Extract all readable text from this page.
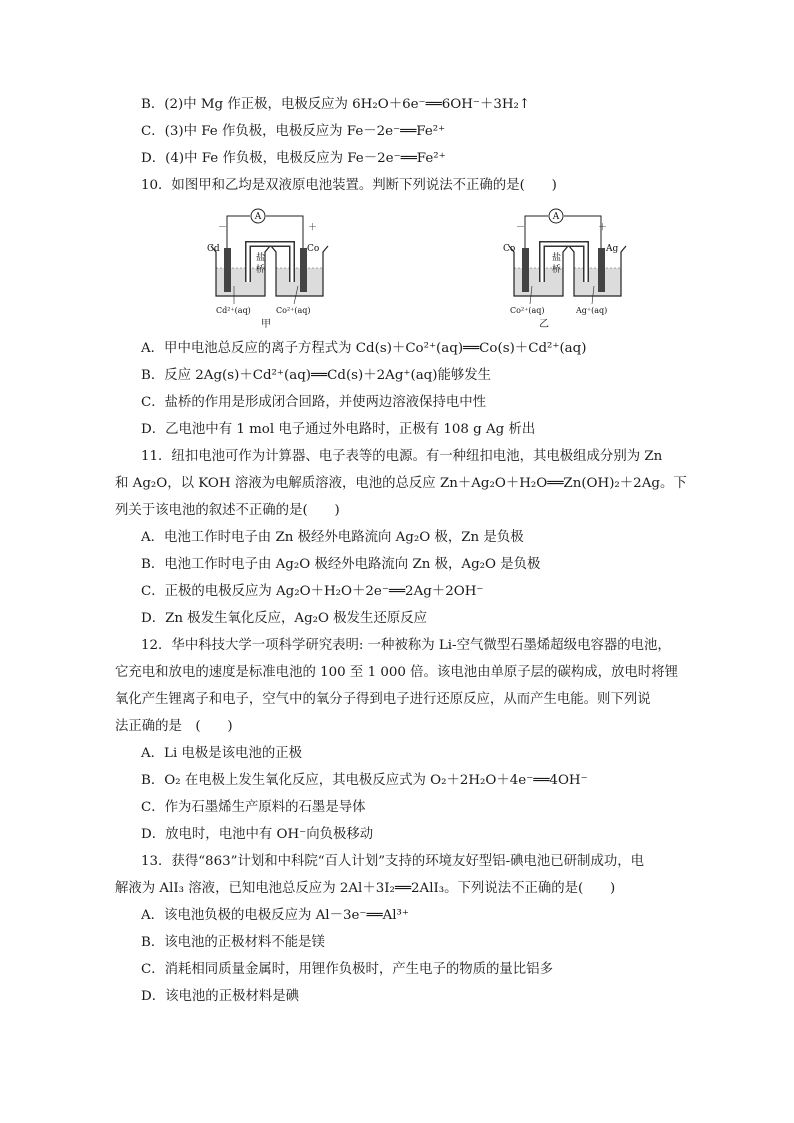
B．(2)中 Mg 作正极，电极反应为 6H₂O＋6e⁻══6OH⁻＋3H₂↑
C．(3)中 Fe 作负极，电极反应为 Fe－2e⁻══Fe²⁺
D．(4)中 Fe 作负极，电极反应为 Fe－2e⁻══Fe²⁺
10．如图甲和乙均是双液原电池装置。判断下列说法不正确的是(　　)
A
－	＋
Cd	Co
盐
桥
Cd²⁺(aq)	Co²⁺(aq)
甲
A
－	＋
Co	Ag
盐
桥
Co²⁺(aq)	Ag⁺(aq)
乙
A．甲中电池总反应的离子方程式为 Cd(s)＋Co²⁺(aq)══Co(s)＋Cd²⁺(aq)
B．反应 2Ag(s)＋Cd²⁺(aq)══Cd(s)＋2Ag⁺(aq)能够发生
C．盐桥的作用是形成闭合回路，并使两边溶液保持电中性
D．乙电池中有 1 mol 电子通过外电路时，正极有 108 g Ag 析出
11．纽扣电池可作为计算器、电子表等的电源。有一种纽扣电池，其电极组成分别为 Zn
和 Ag₂O，以 KOH 溶液为电解质溶液，电池的总反应 Zn＋Ag₂O＋H₂O══Zn(OH)₂＋2Ag。下
列关于该电池的叙述不正确的是(　　)
A．电池工作时电子由 Zn 极经外电路流向 Ag₂O 极，Zn 是负极
B．电池工作时电子由 Ag₂O 极经外电路流向 Zn 极，Ag₂O 是负极
C．正极的电极反应为 Ag₂O＋H₂O＋2e⁻══2Ag＋2OH⁻
D．Zn 极发生氧化反应，Ag₂O 极发生还原反应
12．华中科技大学一项科学研究表明: 一种被称为 Li-空气微型石墨烯超级电容器的电池，
它充电和放电的速度是标准电池的 100 至 1 000 倍。该电池由单原子层的碳构成，放电时将锂
氧化产生锂离子和电子，空气中的氧分子得到电子进行还原反应，从而产生电能。则下列说
法正确的是　(　　)
A．Li 电极是该电池的正极
B．O₂ 在电极上发生氧化反应，其电极反应式为 O₂＋2H₂O＋4e⁻══4OH⁻
C．作为石墨烯生产原料的石墨是导体
D．放电时，电池中有 OH⁻向负极移动
13．获得“863”计划和中科院“百人计划”支持的环境友好型铝-碘电池已研制成功，电
解液为 AlI₃ 溶液，已知电池总反应为 2Al＋3I₂══2AlI₃。下列说法不正确的是(　　)
A．该电池负极的电极反应为 Al－3e⁻══Al³⁺
B．该电池的正极材料不能是镁
C．消耗相同质量金属时，用锂作负极时，产生电子的物质的量比铝多
D．该电池的正极材料是碘
